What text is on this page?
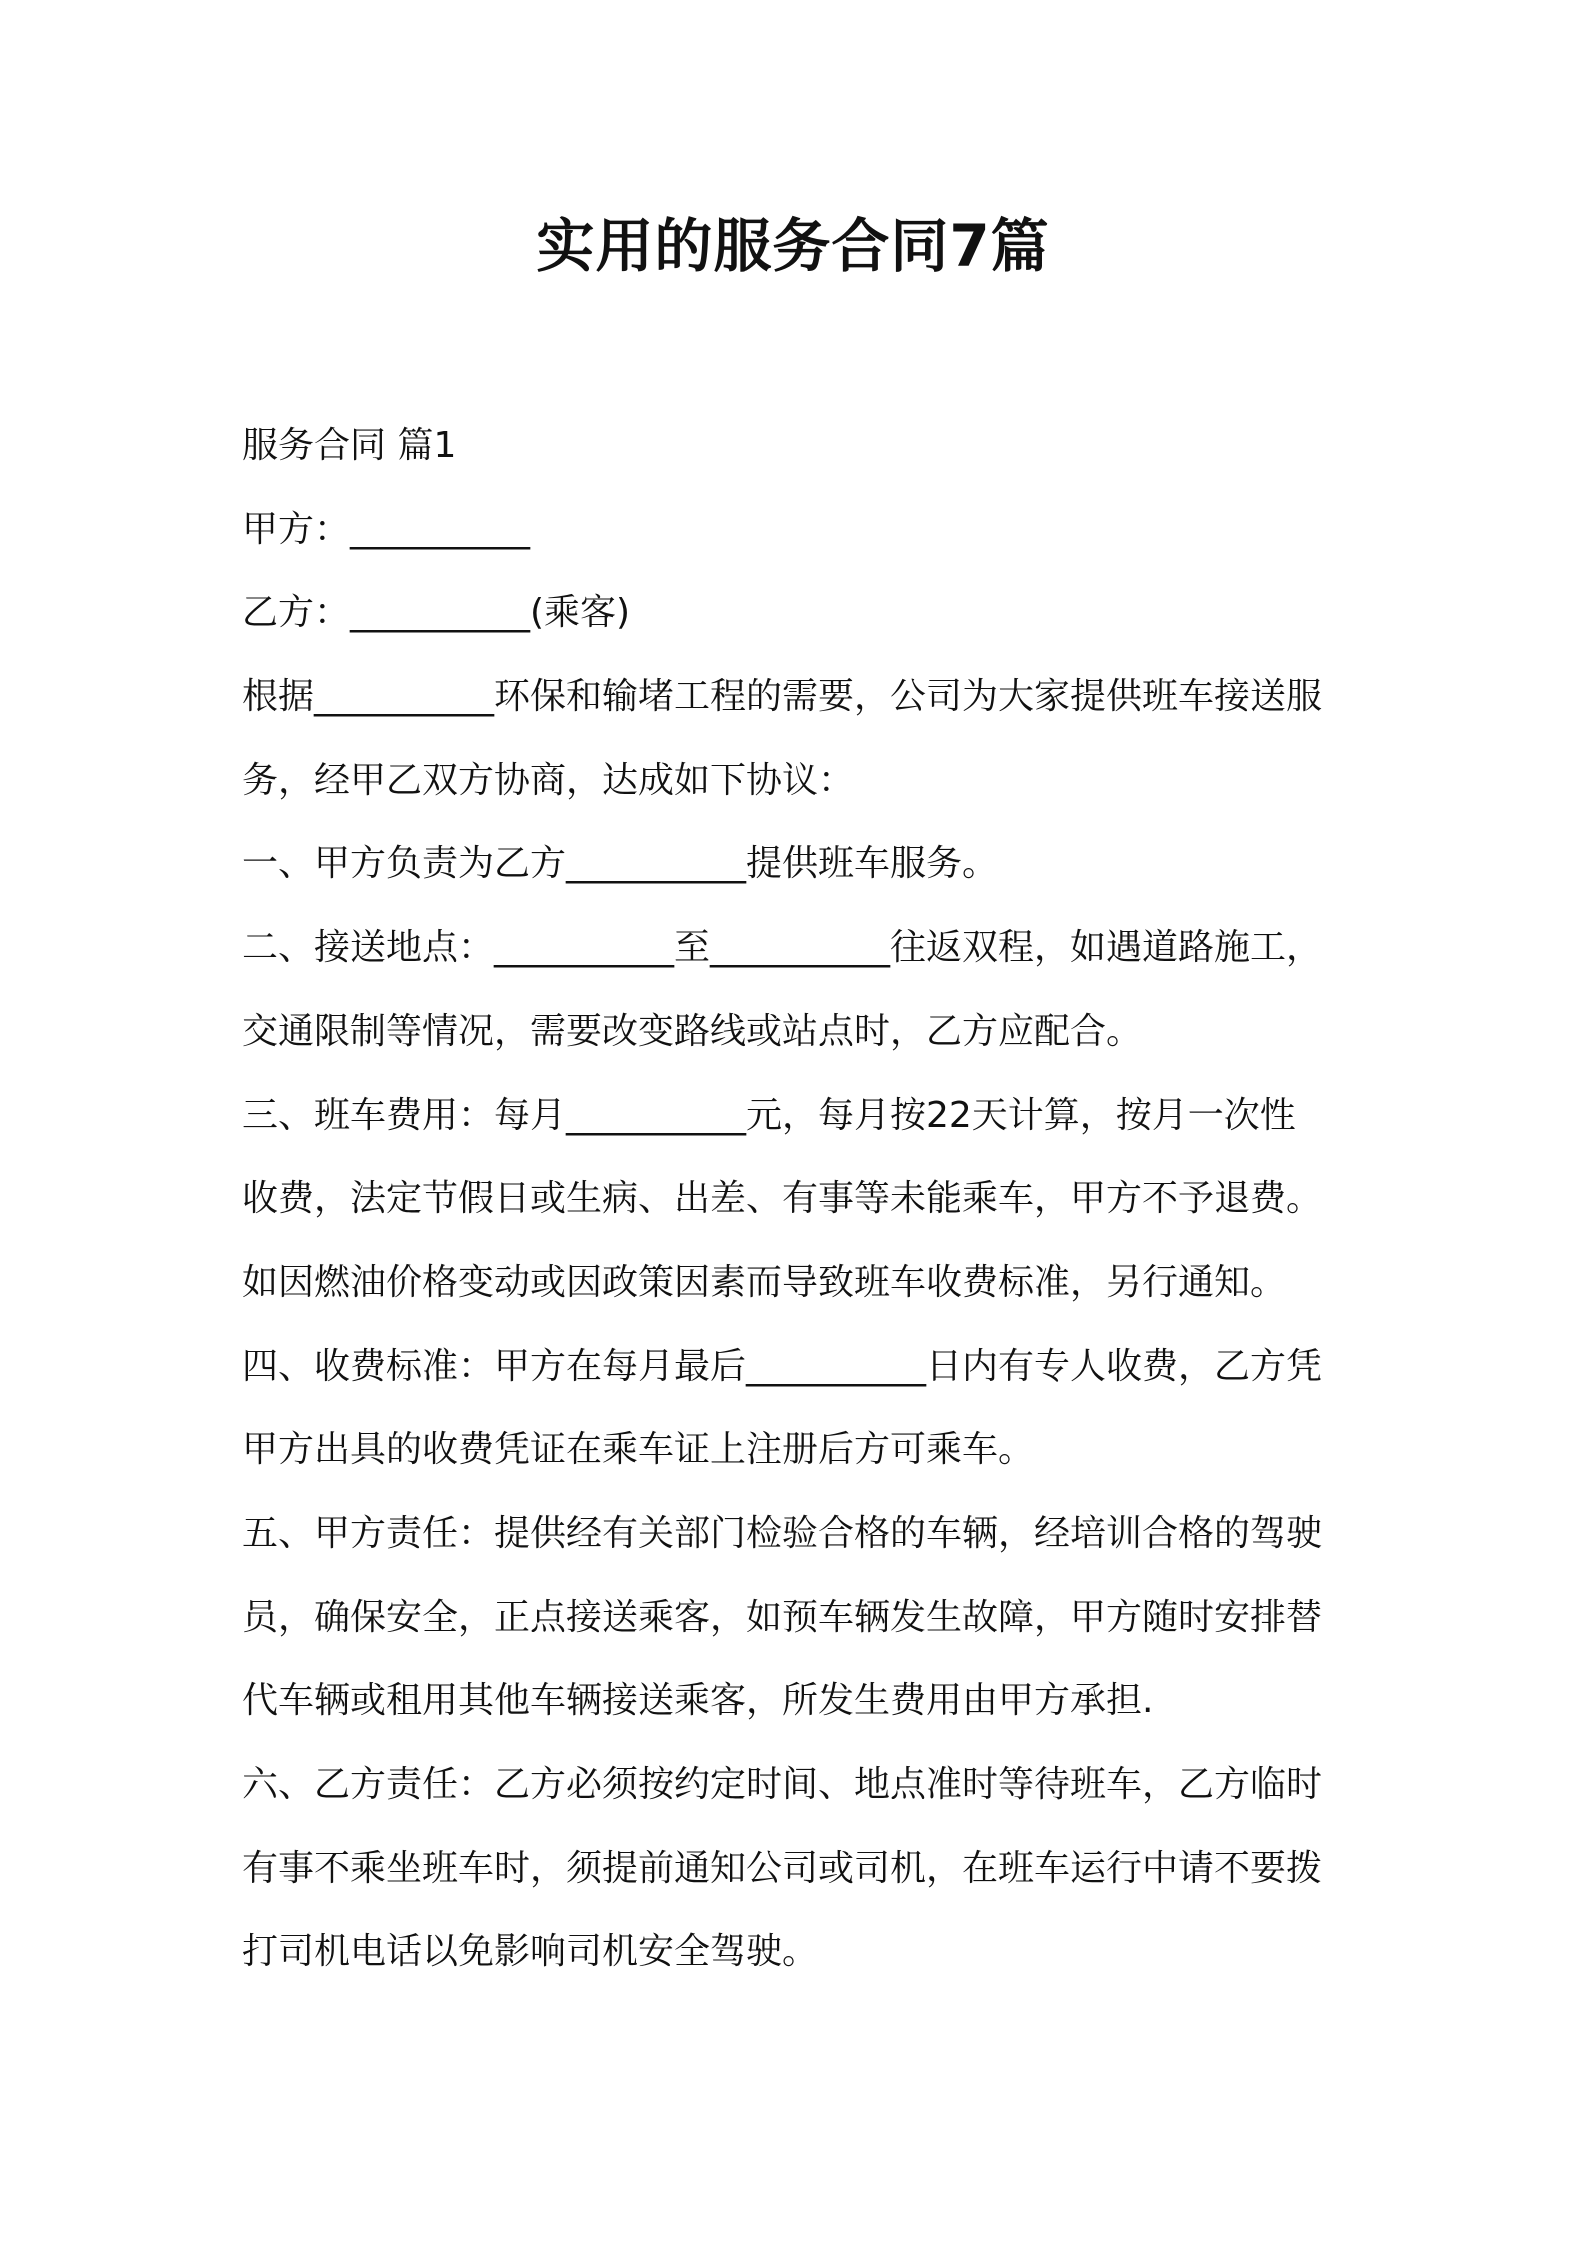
实用的服务合同7篇
服务合同 篇1
甲方：__________
乙方：__________(乘客)
根据__________环保和输堵工程的需要，公司为大家提供班车接送服
务，经甲乙双方协商，达成如下协议：
一、甲方负责为乙方__________提供班车服务。
二、接送地点：__________至__________往返双程，如遇道路施工，
交通限制等情况，需要改变路线或站点时，乙方应配合。
三、班车费用：每月__________元，每月按22天计算，按月一次性
收费，法定节假日或生病、出差、有事等未能乘车，甲方不予退费。
如因燃油价格变动或因政策因素而导致班车收费标准，另行通知。
四、收费标准：甲方在每月最后__________日内有专人收费，乙方凭
甲方出具的收费凭证在乘车证上注册后方可乘车。
五、甲方责任：提供经有关部门检验合格的车辆，经培训合格的驾驶
员，确保安全，正点接送乘客，如预车辆发生故障，甲方随时安排替
代车辆或租用其他车辆接送乘客，所发生费用由甲方承担.
六、乙方责任：乙方必须按约定时间、地点准时等待班车，乙方临时
有事不乘坐班车时，须提前通知公司或司机，在班车运行中请不要拨
打司机电话以免影响司机安全驾驶。
